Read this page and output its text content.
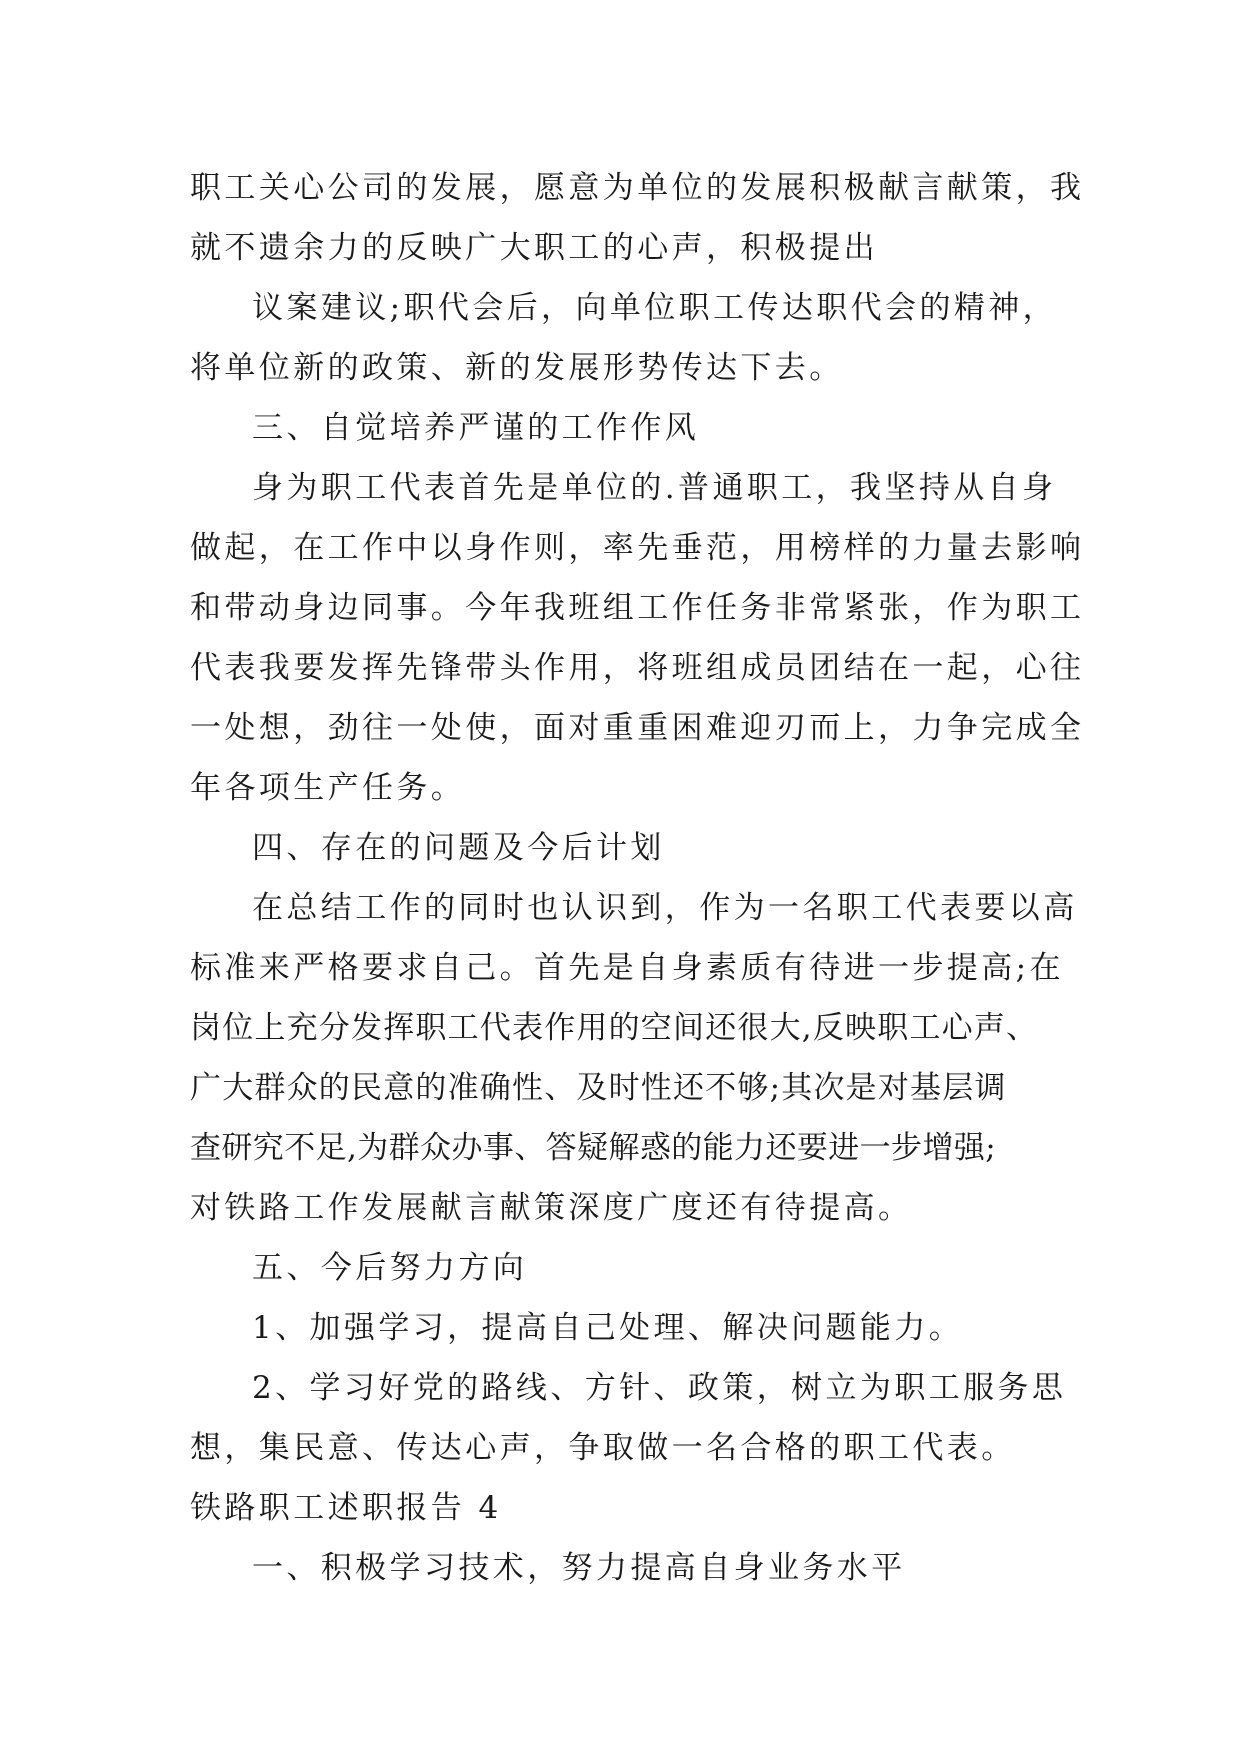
职工关心公司的发展，愿意为单位的发展积极献言献策，我
就不遗余力的反映广大职工的心声，积极提出
议案建议;职代会后，向单位职工传达职代会的精神，
将单位新的政策、新的发展形势传达下去。
三、自觉培养严谨的工作作风
身为职工代表首先是单位的.普通职工，我坚持从自身
做起，在工作中以身作则，率先垂范，用榜样的力量去影响
和带动身边同事。今年我班组工作任务非常紧张，作为职工
代表我要发挥先锋带头作用，将班组成员团结在一起，心往
一处想，劲往一处使，面对重重困难迎刃而上，力争完成全
年各项生产任务。
四、存在的问题及今后计划
在总结工作的同时也认识到，作为一名职工代表要以高
标准来严格要求自己。首先是自身素质有待进一步提高;在
岗位上充分发挥职工代表作用的空间还很大,反映职工心声、
广大群众的民意的准确性、及时性还不够;其次是对基层调
查研究不足,为群众办事、答疑解惑的能力还要进一步增强;
对铁路工作发展献言献策深度广度还有待提高。
五、今后努力方向
1、加强学习，提高自己处理、解决问题能力。
2、学习好党的路线、方针、政策，树立为职工服务思
想，集民意、传达心声，争取做一名合格的职工代表。
铁路职工述职报告 4
一、积极学习技术，努力提高自身业务水平
